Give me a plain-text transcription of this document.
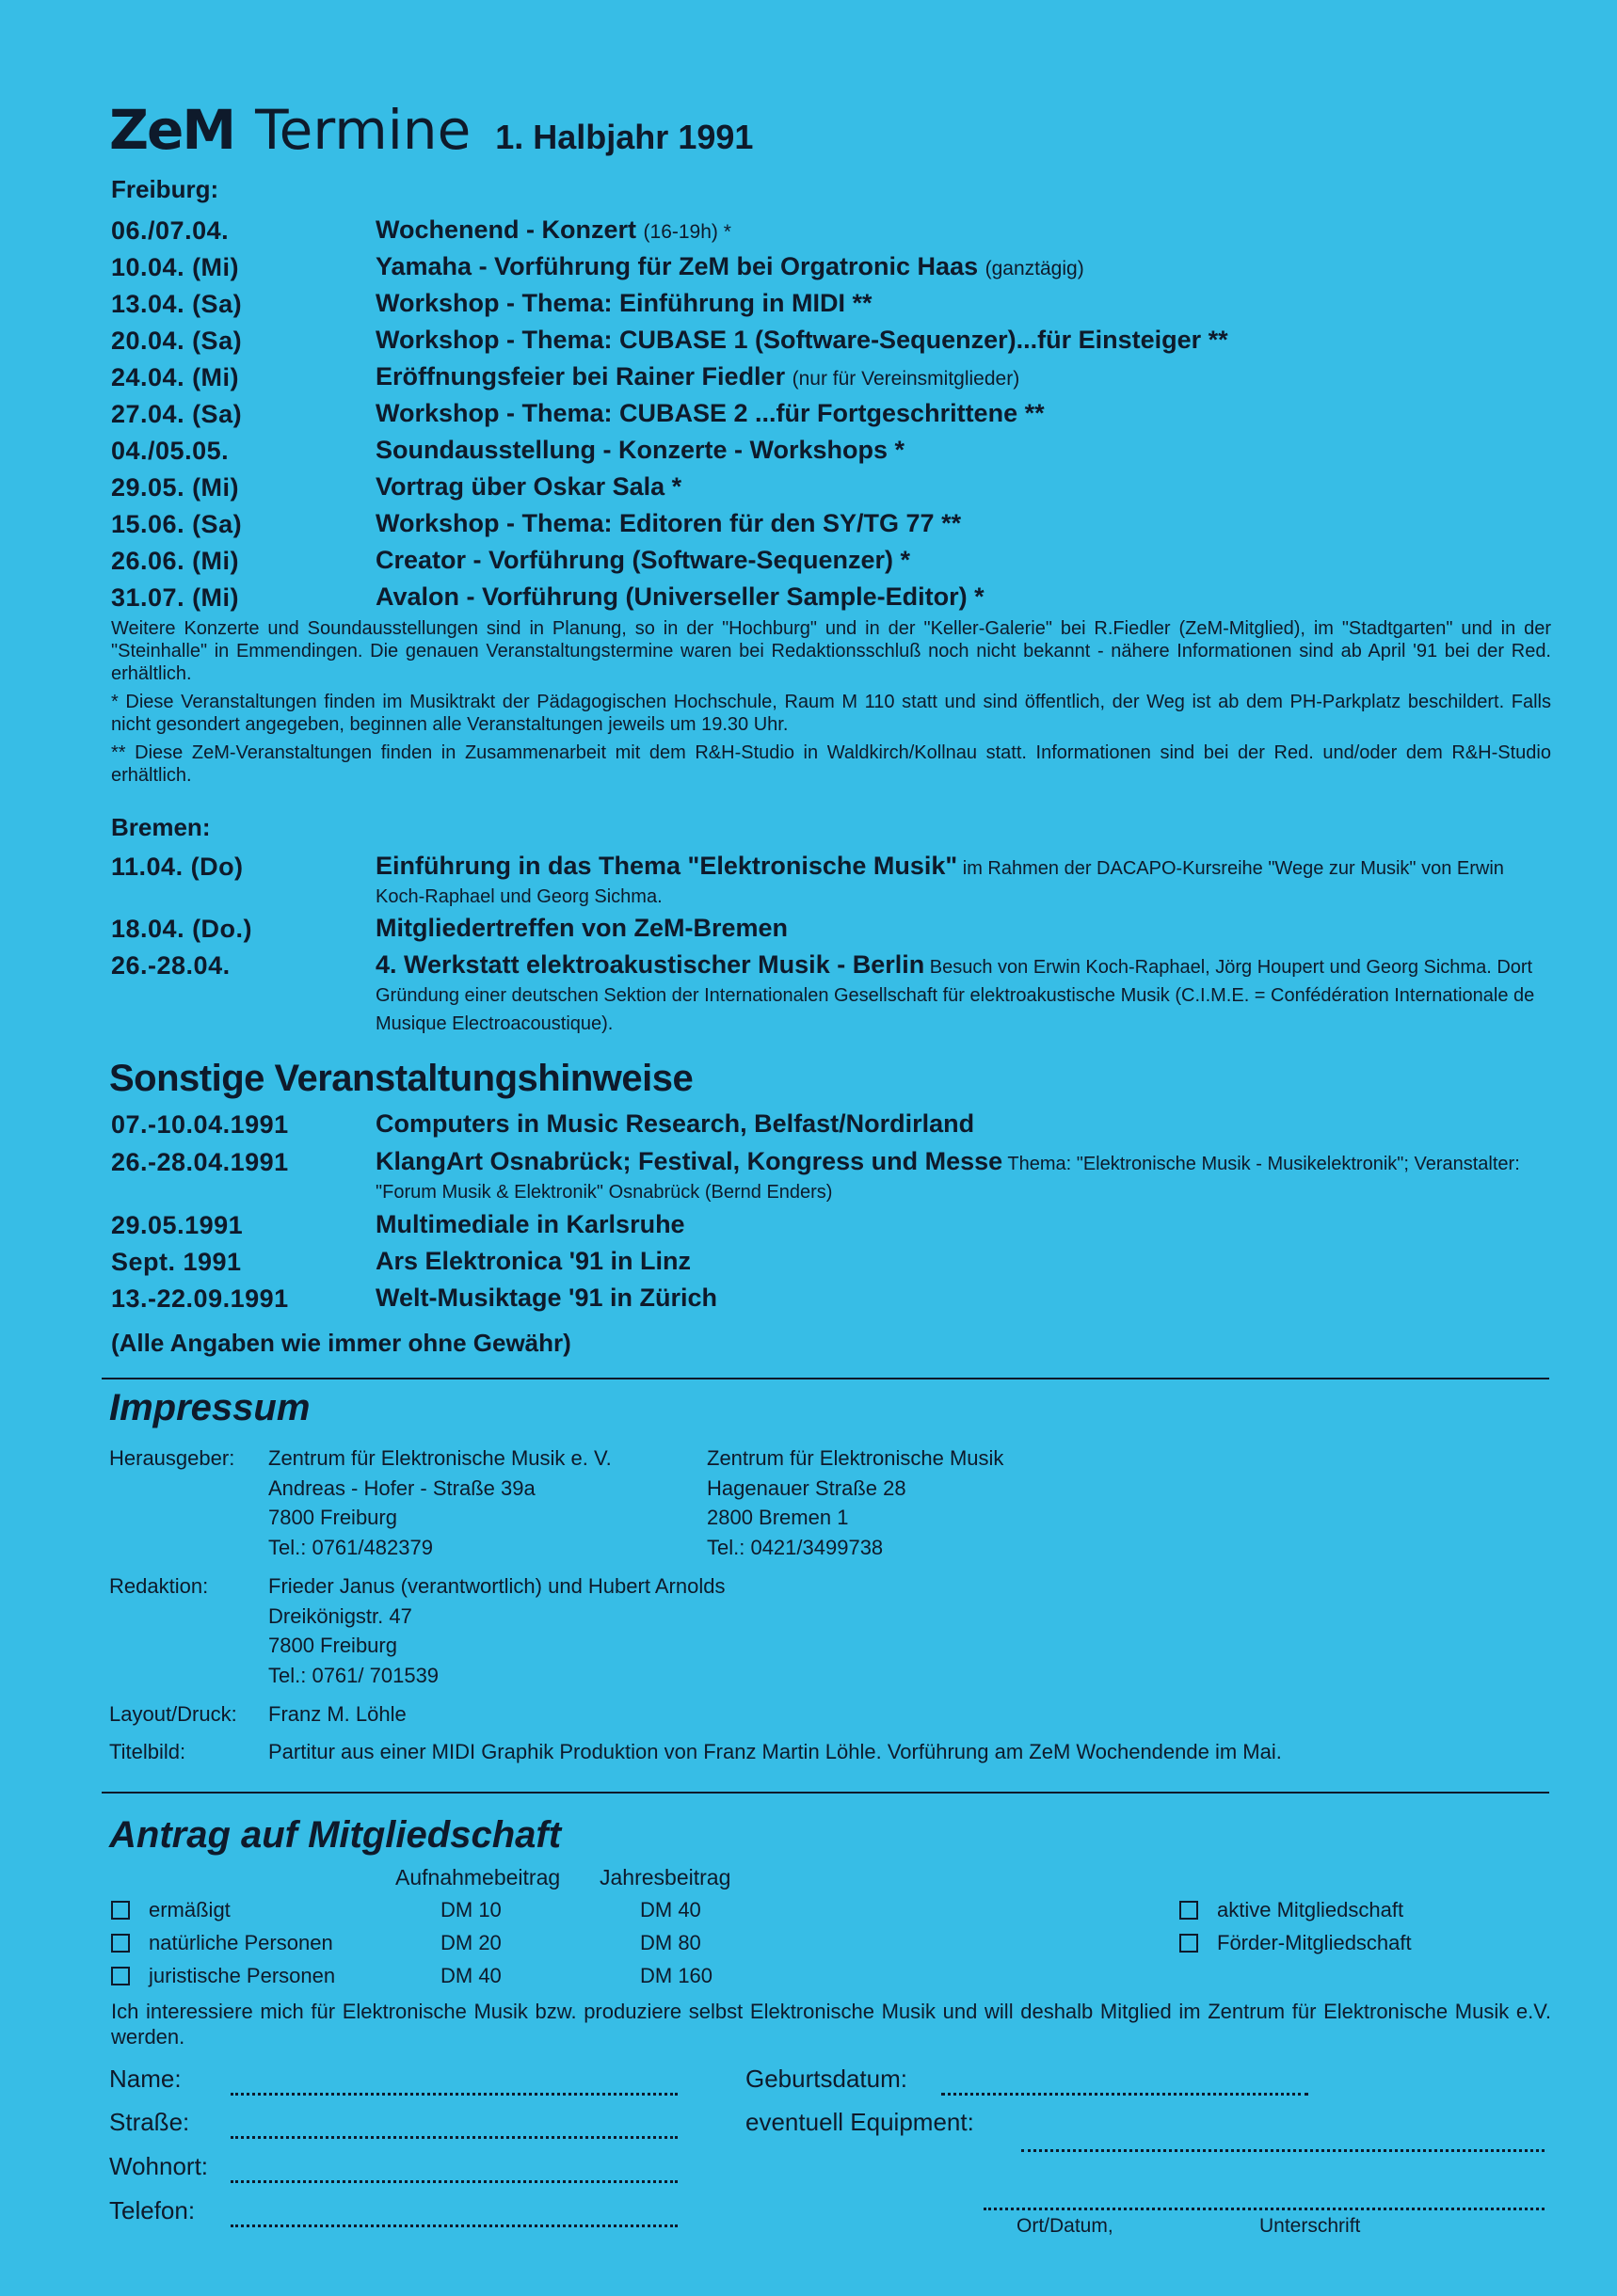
ZeM Termine 1. Halbjahr 1991
Freiburg:
06./07.04.	Wochenend - Konzert (16-19h) *
10.04. (Mi)	Yamaha - Vorführung für ZeM bei Orgatronic Haas (ganztägig)
13.04. (Sa)	Workshop - Thema: Einführung in MIDI **
20.04. (Sa)	Workshop - Thema: CUBASE 1 (Software-Sequenzer)...für Einsteiger **
24.04. (Mi)	Eröffnungsfeier bei Rainer Fiedler (nur für Vereinsmitglieder)
27.04. (Sa)	Workshop - Thema: CUBASE 2 ...für Fortgeschrittene **
04./05.05.	Soundausstellung - Konzerte - Workshops *
29.05. (Mi)	Vortrag über Oskar Sala *
15.06. (Sa)	Workshop - Thema: Editoren für den SY/TG 77 **
26.06. (Mi)	Creator - Vorführung (Software-Sequenzer) *
31.07. (Mi)	Avalon - Vorführung (Universeller Sample-Editor) *
Weitere Konzerte und Soundausstellungen sind in Planung, so in der "Hochburg" und in der "Keller-Galerie" bei R.Fiedler (ZeM-Mitglied), im "Stadtgarten" und in der "Steinhalle" in Emmendingen. Die genauen Veranstaltungstermine waren bei Redaktionsschluß noch nicht bekannt - nähere Informationen sind ab April '91 bei der Red. erhältlich.
* Diese Veranstaltungen finden im Musiktrakt der Pädagogischen Hochschule, Raum M 110 statt und sind öffentlich, der Weg ist ab dem PH-Parkplatz beschildert. Falls nicht gesondert angegeben, beginnen alle Veranstaltungen jeweils um 19.30 Uhr.
** Diese ZeM-Veranstaltungen finden in Zusammenarbeit mit dem R&H-Studio in Waldkirch/Kollnau statt. Informationen sind bei der Red. und/oder dem R&H-Studio erhältlich.
Bremen:
11.04. (Do)	Einführung in das Thema "Elektronische Musik" im Rahmen der DACAPO-Kursreihe "Wege zur Musik" von Erwin Koch-Raphael und Georg Sichma.
18.04. (Do.)	Mitgliedertreffen von ZeM-Bremen
26.-28.04.	4. Werkstatt elektroakustischer Musik - Berlin Besuch von Erwin Koch-Raphael, Jörg Houpert und Georg Sichma. Dort Gründung einer deutschen Sektion der Internationalen Gesellschaft für elektroakustische Musik (C.I.M.E. = Confédération Internationale de Musique Electroacoustique).
Sonstige Veranstaltungshinweise
07.-10.04.1991	Computers in Music Research, Belfast/Nordirland
26.-28.04.1991	KlangArt Osnabrück; Festival, Kongress und Messe Thema: "Elektronische Musik - Musikelektronik"; Veranstalter: "Forum Musik & Elektronik" Osnabrück (Bernd Enders)
29.05.1991	Multimediale in Karlsruhe
Sept. 1991	Ars Elektronica '91 in Linz
13.-22.09.1991	Welt-Musiktage '91 in Zürich
(Alle Angaben wie immer ohne Gewähr)
Impressum
Herausgeber: Zentrum für Elektronische Musik e. V.
Andreas - Hofer - Straße 39a
7800 Freiburg
Tel.: 0761/482379
Zentrum für Elektronische Musik
Hagenauer Straße 28
2800 Bremen 1
Tel.: 0421/3499738
Redaktion:	Frieder Janus (verantwortlich) und Hubert Arnolds
Dreikönigstr. 47
7800 Freiburg
Tel.: 0761/ 701539
Layout/Druck: Franz M. Löhle
Titelbild:	Partitur aus einer MIDI Graphik Produktion von Franz Martin Löhle. Vorführung am ZeM Wochendende im Mai.
Antrag auf Mitgliedschaft
Aufnahmebeitrag Jahresbeitrag
ermäßigt	DM 10	DM 40
natürliche Personen	DM 20	DM 80
juristische Personen	DM 40	DM 160
aktive Mitgliedschaft
Förder-Mitgliedschaft
Ich interessiere mich für Elektronische Musik bzw. produziere selbst Elektronische Musik und will deshalb Mitglied im Zentrum für Elektronische Musik e.V. werden.
Name:
Straße:
Wohnort:
Telefon:
Geburtsdatum:
eventuell Equipment:
Ort/Datum,	Unterschrift
